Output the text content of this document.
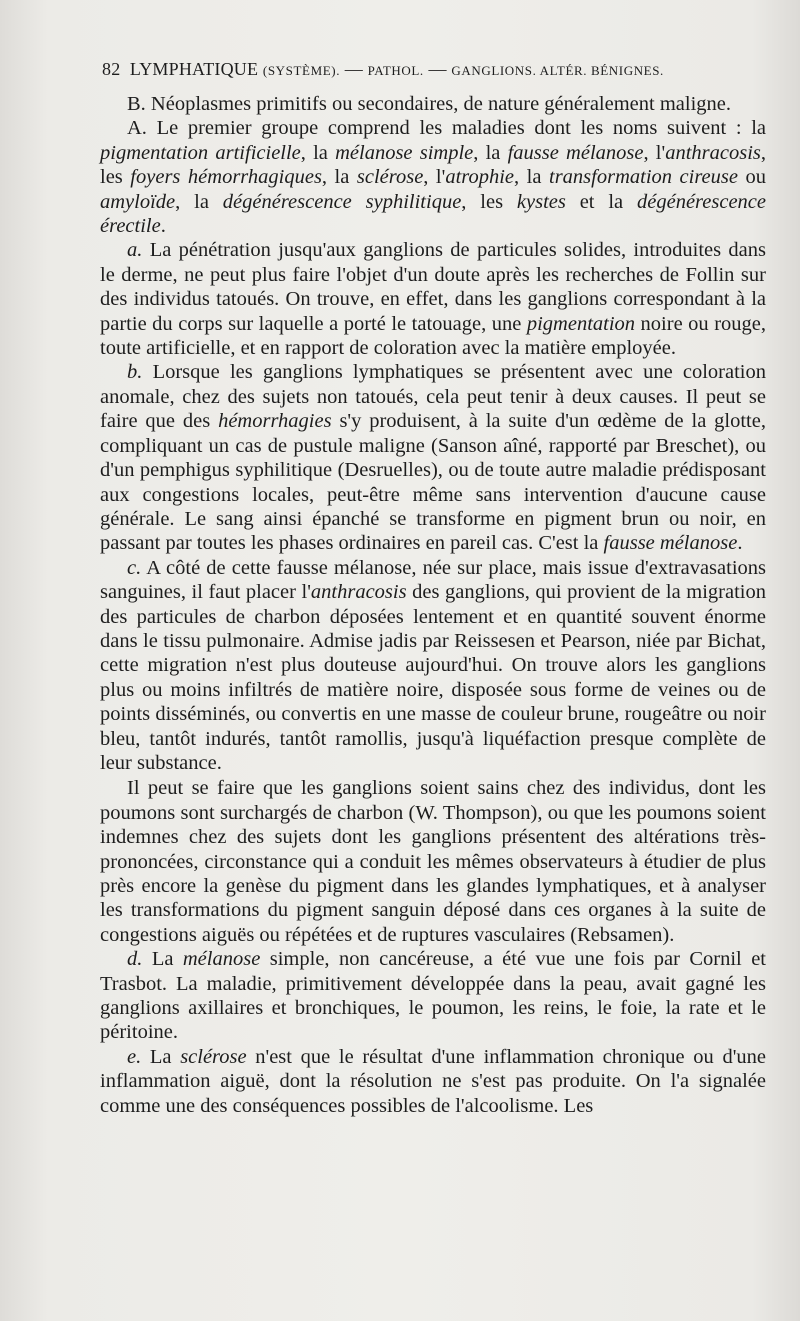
82 LYMPHATIQUE (SYSTÈME). — PATHOL. — GANGLIONS. ALTÉR. BÉNIGNES.

B. Néoplasmes primitifs ou secondaires, de nature généralement maligne.

A. Le premier groupe comprend les maladies dont les noms suivent : la pigmentation artificielle, la mélanose simple, la fausse mélanose, l'anthracosis, les foyers hémorrhagiques, la sclérose, l'atrophie, la transformation cireuse ou amyloïde, la dégénérescence syphilitique, les kystes et la dégénérescence érectile.

a. La pénétration jusqu'aux ganglions de particules solides, introduites dans le derme, ne peut plus faire l'objet d'un doute après les recherches de Follin sur des individus tatoués. On trouve, en effet, dans les ganglions correspondant à la partie du corps sur laquelle a porté le tatouage, une pigmentation noire ou rouge, toute artificielle, et en rapport de coloration avec la matière employée.

b. Lorsque les ganglions lymphatiques se présentent avec une coloration anomale, chez des sujets non tatoués, cela peut tenir à deux causes. Il peut se faire que des hémorrhagies s'y produisent, à la suite d'un œdème de la glotte, compliquant un cas de pustule maligne (Sanson aîné, rapporté par Breschet), ou d'un pemphigus syphilitique (Desruelles), ou de toute autre maladie prédisposant aux congestions locales, peut-être même sans intervention d'aucune cause générale. Le sang ainsi épanché se transforme en pigment brun ou noir, en passant par toutes les phases ordinaires en pareil cas. C'est la fausse mélanose.

c. A côté de cette fausse mélanose, née sur place, mais issue d'extravasations sanguines, il faut placer l'anthracosis des ganglions, qui provient de la migration des particules de charbon déposées lentement et en quantité souvent énorme dans le tissu pulmonaire. Admise jadis par Reissesen et Pearson, niée par Bichat, cette migration n'est plus douteuse aujourd'hui. On trouve alors les ganglions plus ou moins infiltrés de matière noire, disposée sous forme de veines ou de points disséminés, ou convertis en une masse de couleur brune, rougeâtre ou noir bleu, tantôt indurés, tantôt ramollis, jusqu'à liquéfaction presque complète de leur substance.

Il peut se faire que les ganglions soient sains chez des individus, dont les poumons sont surchargés de charbon (W. Thompson), ou que les poumons soient indemnes chez des sujets dont les ganglions présentent des altérations très-prononcées, circonstance qui a conduit les mêmes observateurs à étudier de plus près encore la genèse du pigment dans les glandes lymphatiques, et à analyser les transformations du pigment sanguin déposé dans ces organes à la suite de congestions aiguës ou répétées et de ruptures vasculaires (Rebsamen).

d. La mélanose simple, non cancéreuse, a été vue une fois par Cornil et Trasbot. La maladie, primitivement développée dans la peau, avait gagné les ganglions axillaires et bronchiques, le poumon, les reins, le foie, la rate et le péritoine.

e. La sclérose n'est que le résultat d'une inflammation chronique ou d'une inflammation aiguë, dont la résolution ne s'est pas produite. On l'a signalée comme une des conséquences possibles de l'alcoolisme. Les
